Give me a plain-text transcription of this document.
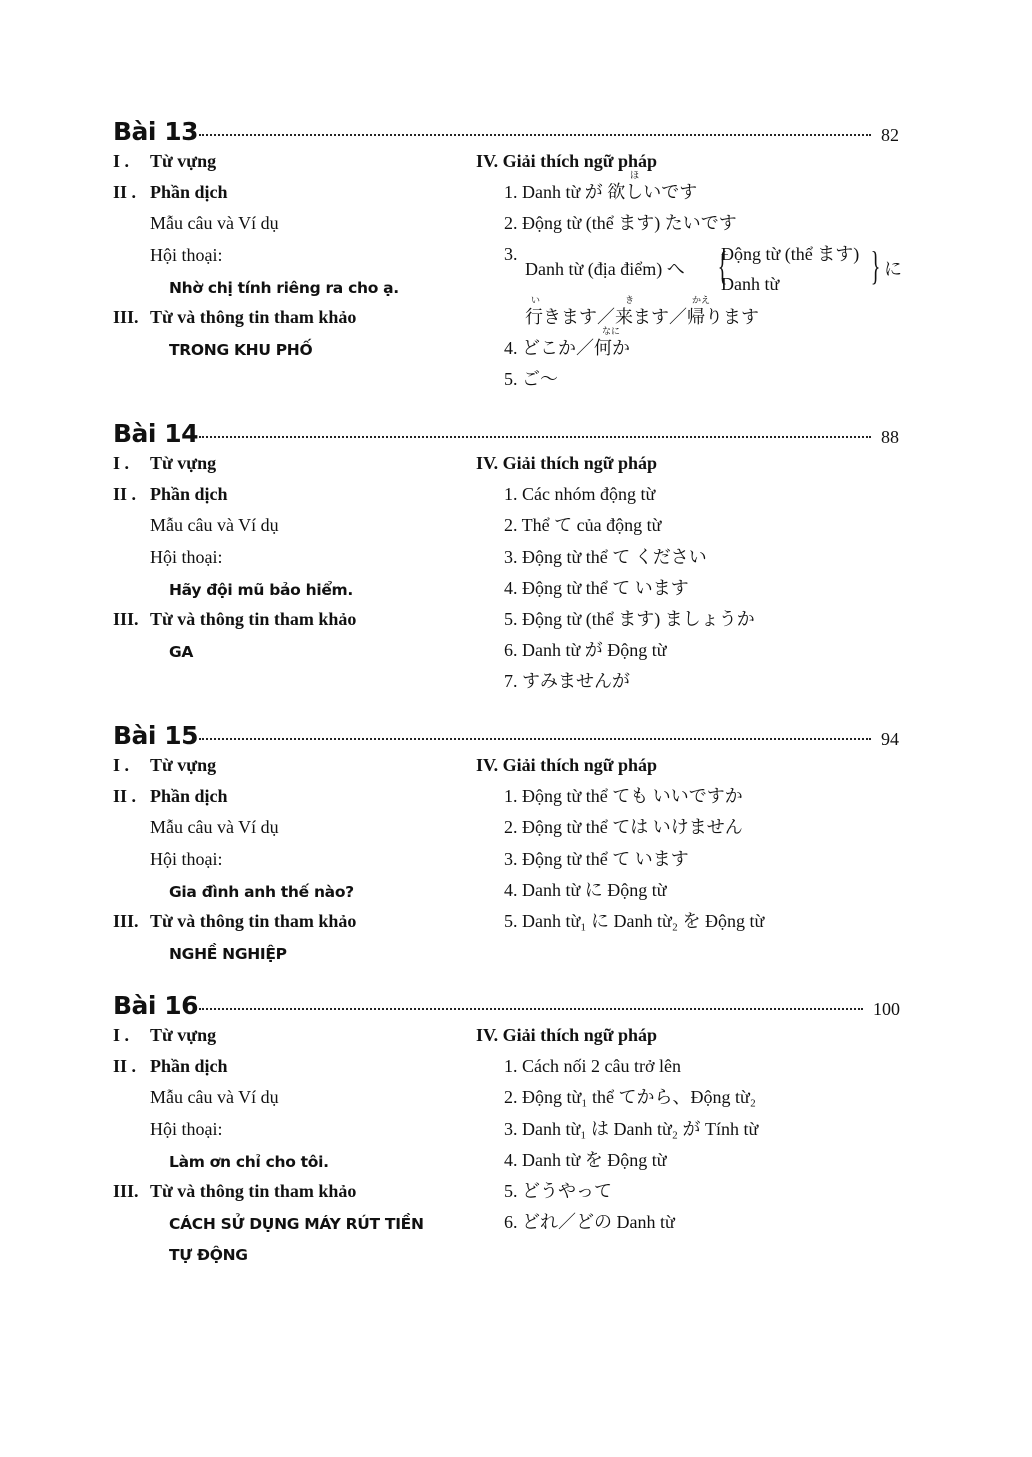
Bài 13	82
I . Từ vựng
II . Phần dịch
Mẫu câu và Ví dụ
Hội thoại:
Nhờ chị tính riêng ra cho ạ.
III. Từ và thông tin tham khảo
TRONG KHU PHỐ
IV. Giải thích ngữ pháp
1. Danh từ が 欲しいです
ほ
2. Động từ (thể ます) たいです
3.
Danh từ (địa điểm) へ {
Động từ (thể ます)
Danh từ } に
行きます／来ます／帰ります
い	き	かえ
4. どこか／何か
なに
5. ご～
Bài 14	88
I . Từ vựng
II . Phần dịch
Mẫu câu và Ví dụ
Hội thoại:
Hãy đội mũ bảo hiểm.
III. Từ và thông tin tham khảo
GA
IV. Giải thích ngữ pháp
1. Các nhóm động từ
2. Thể て của động từ
3. Động từ thể て ください
4. Động từ thể て います
5. Động từ (thể ます) ましょうか
6. Danh từ が Động từ
7. すみませんが
Bài 15	94
I . Từ vựng
II . Phần dịch
Mẫu câu và Ví dụ
Hội thoại:
Gia đình anh thế nào?
III. Từ và thông tin tham khảo
NGHỀ NGHIỆP
IV. Giải thích ngữ pháp
1. Động từ thể ても いいですか
2. Động từ thể ては いけません
3. Động từ thể て います
4. Danh từ に Động từ
5. Danh từ₁ に Danh từ₂ を Động từ
Bài 16	100
I . Từ vựng
II . Phần dịch
Mẫu câu và Ví dụ
Hội thoại:
Làm ơn chỉ cho tôi.
III. Từ và thông tin tham khảo
CÁCH SỬ DỤNG MÁY RÚT TIỀN
TỰ ĐỘNG
IV. Giải thích ngữ pháp
1. Cách nối 2 câu trở lên
2. Động từ₁ thể てから、Động từ₂
3. Danh từ₁ は Danh từ₂ が Tính từ
4. Danh từ を Động từ
5. どうやって
6. どれ／どの Danh từ
